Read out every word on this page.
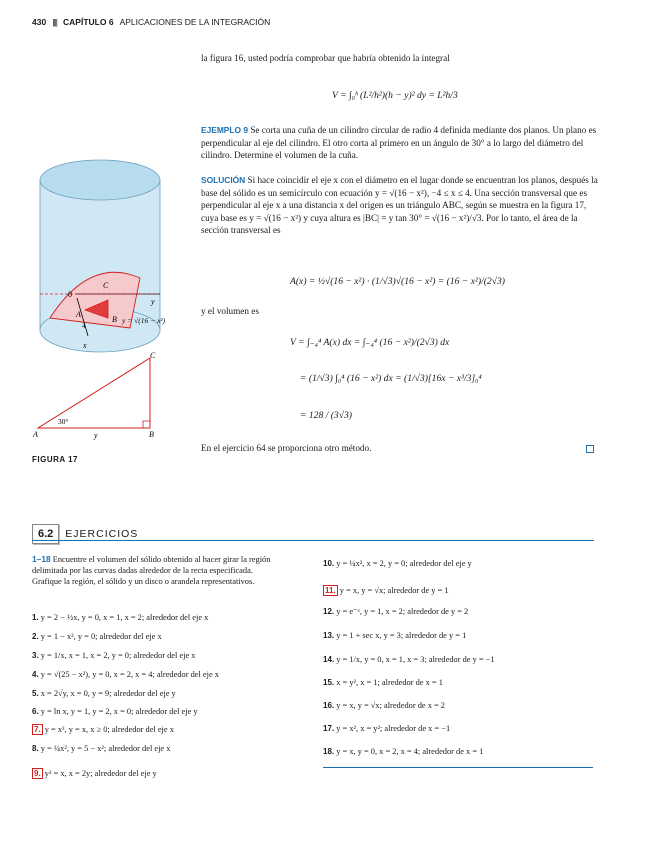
430 |||| CAPÍTULO 6 APLICACIONES DE LA INTEGRACIÓN
la figura 16, usted podría comprobar que habría obtenido la integral
V = ∫₀ʰ (L²/h²)(h − y)² dy = L²h/3
EJEMPLO 9 Se corta una cuña de un cilindro circular de radio 4 definida mediante dos planos. Un plano es perpendicular al eje del cilindro. El otro corta al primero en un ángulo de 30° a lo largo del diámetro del cilindro. Determine el volumen de la cuña.
SOLUCIÓN Si hace coincidir el eje x con el diámetro en el lugar donde se encuentran los planos, después la base del sólido es un semicírculo con ecuación y = √(16 − x²), −4 ≤ x ≤ 4. Una sección transversal que es perpendicular al eje x a una distancia x del origen es un triángulo ABC, según se muestra en la figura 17, cuya base es y = √(16 − x²) y cuya altura es |BC| = y tan 30° = √(16 − x²)/√3. Por lo tanto, el área de la sección transversal es
A(x) = ½√(16 − x²) · (1/√3)√(16 − x²) = (16 − x²)/(2√3)
y el volumen es
V = ∫₋₄⁴ A(x) dx = ∫₋₄⁴ (16 − x²)/(2√3) dx
= (1/√3) ∫₀⁴ (16 − x²) dx = (1/√3)[16x − x³/3]₀⁴
= 128 / (3√3)
En el ejercicio 64 se proporciona otro método.
0
C
A
B
y
x
4
y = √(16 − x²)
A	B
C
30°
y
FIGURA 17
6.2	EJERCICIOS
1–18 Encuentre el volumen del sólido obtenido al hacer girar la región delimitada por las curvas dadas alrededor de la recta especificada. Grafique la región, el sólido y un disco o arandela representativos.
1. y = 2 − ½x, y = 0, x = 1, x = 2; alrededor del eje x
2. y = 1 − x², y = 0; alrededor del eje x
3. y = 1/x, x = 1, x = 2, y = 0; alrededor del eje x
4. y = √(25 − x²), y = 0, x = 2, x = 4; alrededor del eje x
5. x = 2√y, x = 0, y = 9; alrededor del eje y
6. y = ln x, y = 1, y = 2, x = 0; alrededor del eje y
7. y = x³, y = x, x ≥ 0; alrededor del eje x
8. y = ¼x², y = 5 − x²; alrededor del eje x
9. y² = x, x = 2y; alrededor del eje y
10. y = ¼x², x = 2, y = 0; alrededor del eje y
11. y = x, y = √x; alrededor de y = 1
12. y = e⁻ˣ, y = 1, x = 2; alrededor de y = 2
13. y = 1 + sec x, y = 3; alrededor de y = 1
14. y = 1/x, y = 0, x = 1, x = 3; alrededor de y = −1
15. x = y², x = 1; alrededor de x = 1
16. y = x, y = √x; alrededor de x = 2
17. y = x², x = y²; alrededor de x = −1
18. y = x, y = 0, x = 2, x = 4; alrededor de x = 1
